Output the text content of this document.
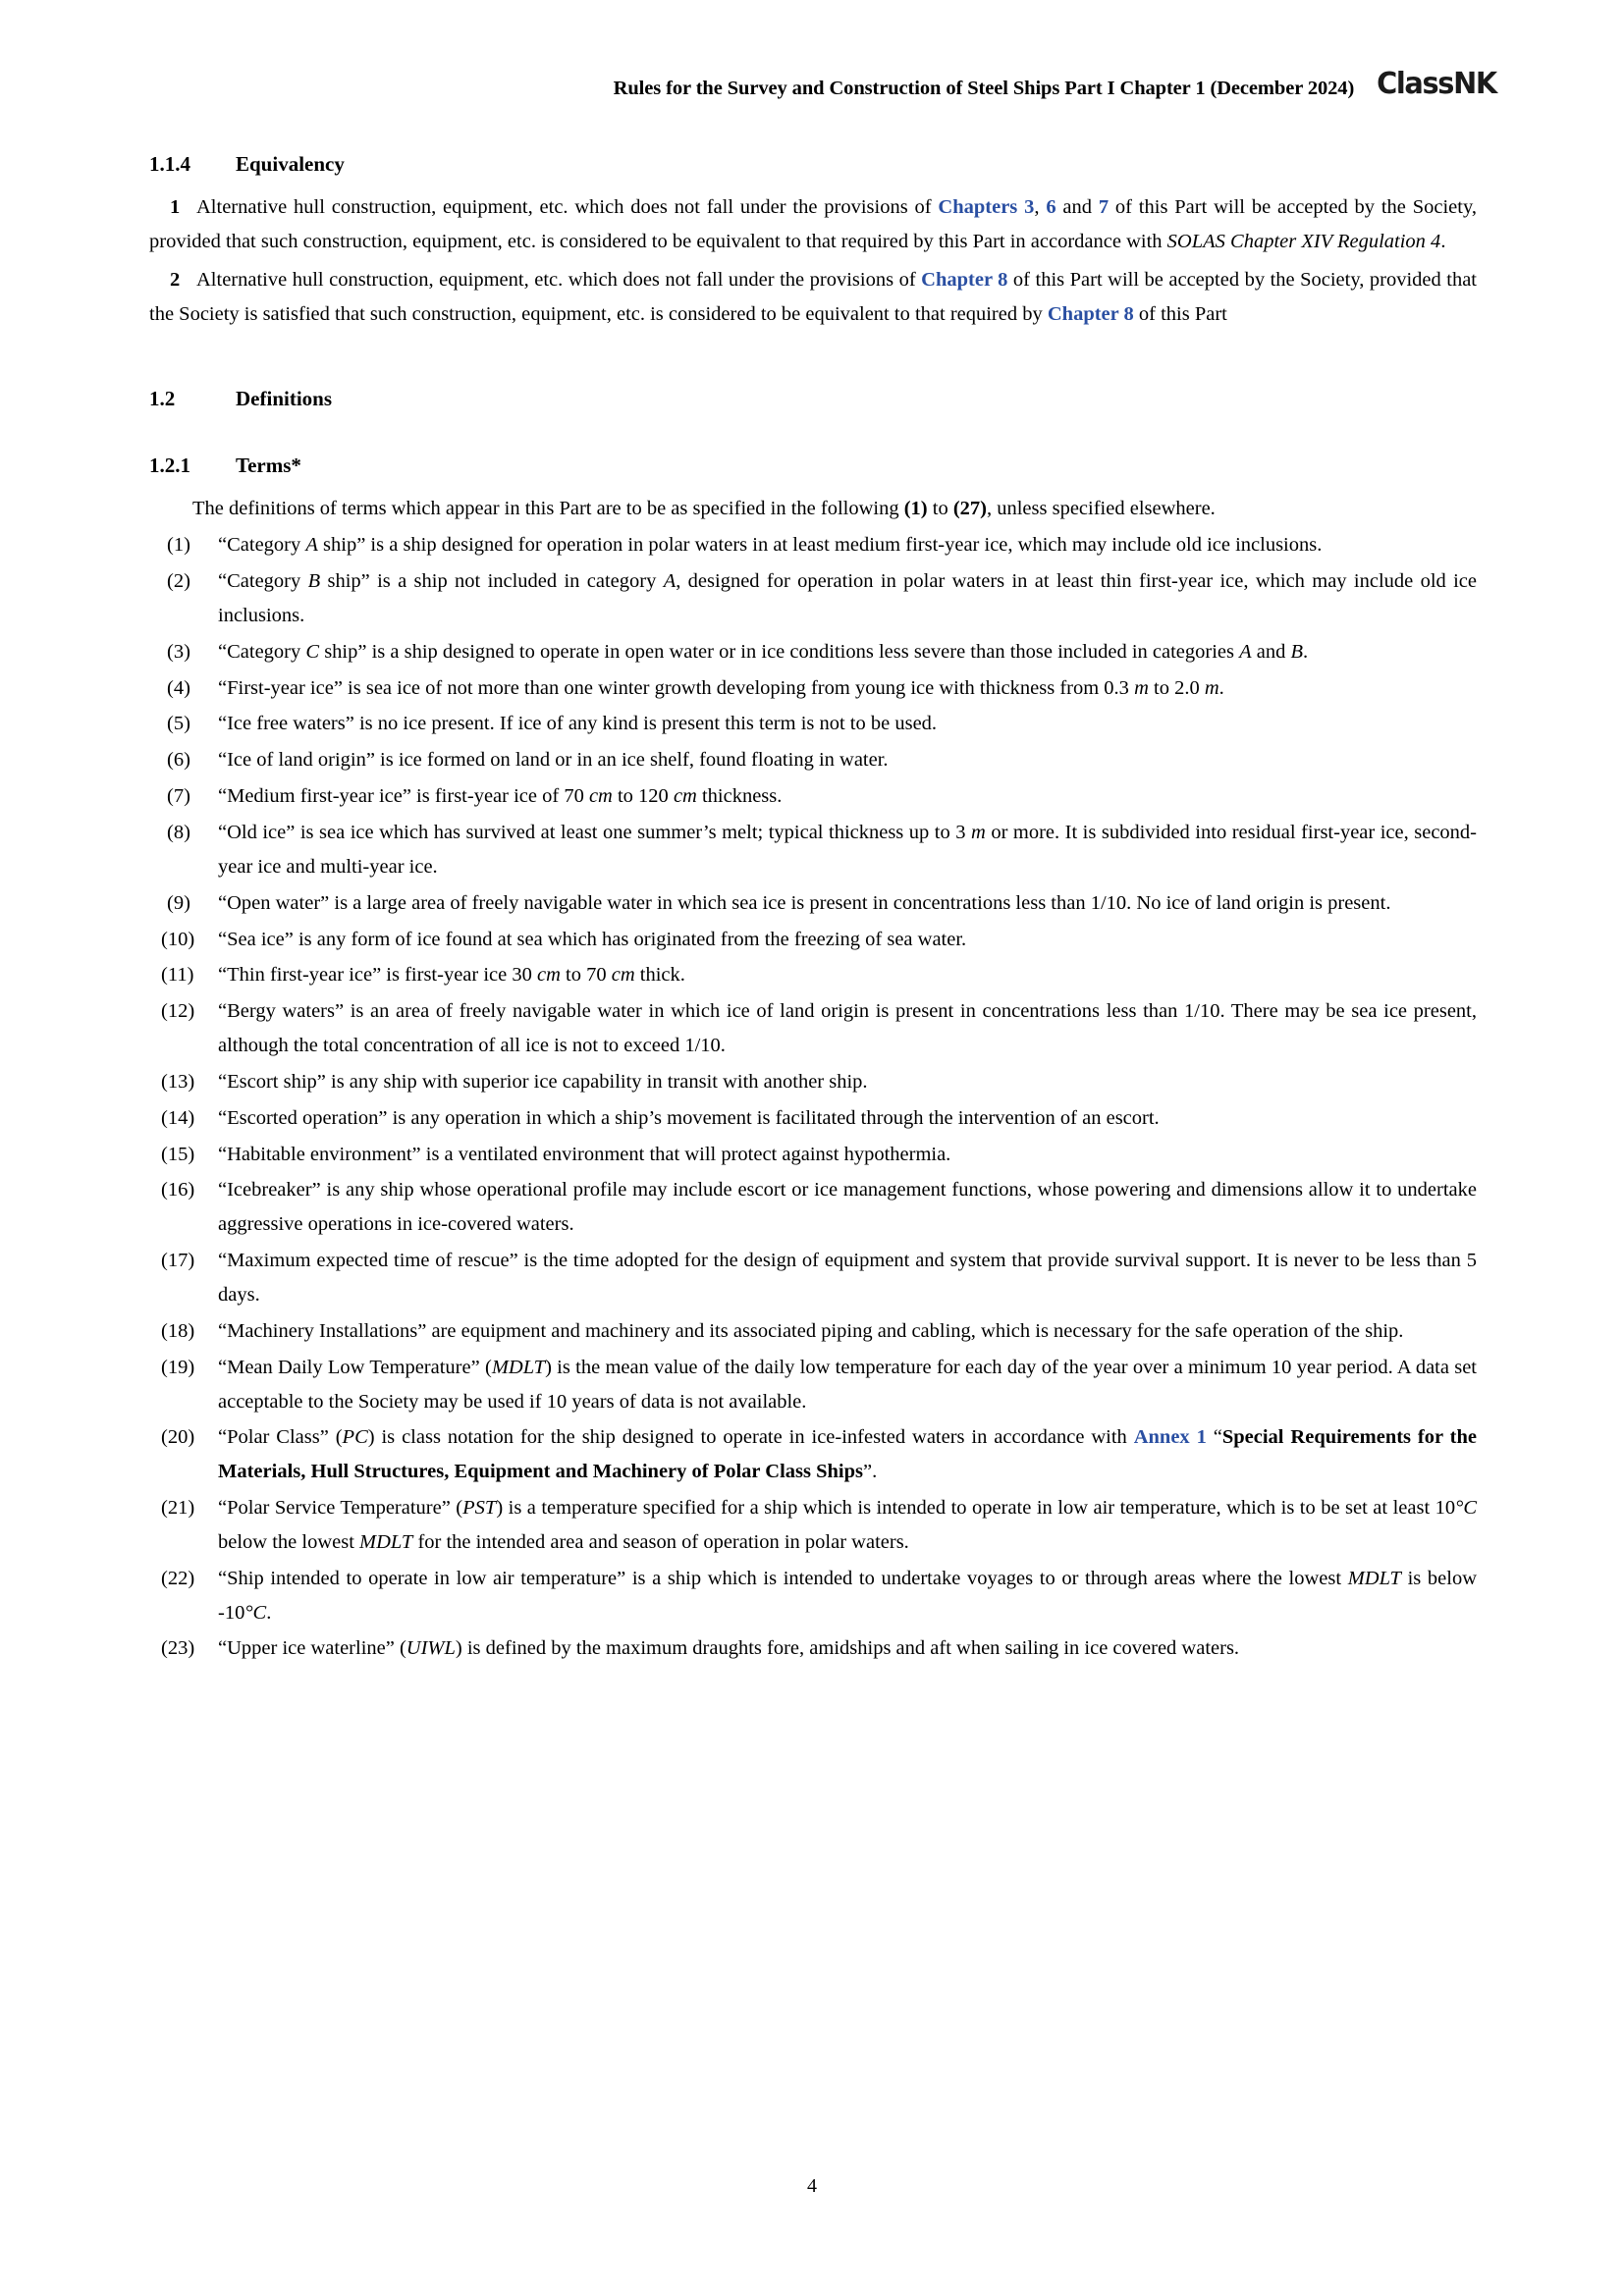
Rules for the Survey and Construction of Steel Ships Part I Chapter 1 (December 2024) ClassNK
1.1.4	Equivalency

1 Alternative hull construction, equipment, etc. which does not fall under the provisions of Chapters 3, 6 and 7 of this Part will be accepted by the Society, provided that such construction, equipment, etc. is considered to be equivalent to that required by this Part in accordance with SOLAS Chapter XIV Regulation 4.

2 Alternative hull construction, equipment, etc. which does not fall under the provisions of Chapter 8 of this Part will be accepted by the Society, provided that the Society is satisfied that such construction, equipment, etc. is considered to be equivalent to that required by Chapter 8 of this Part

1.2	Definitions
1.2.1	Terms*

The definitions of terms which appear in this Part are to be as specified in the following (1) to (27), unless specified elsewhere.

(1)	“Category A ship” is a ship designed for operation in polar waters in at least medium first-year ice, which may include old ice inclusions.
(2)	“Category B ship” is a ship not included in category A, designed for operation in polar waters in at least thin first-year ice, which may include old ice inclusions.
(3)	“Category C ship” is a ship designed to operate in open water or in ice conditions less severe than those included in categories A and B.
(4)	“First-year ice” is sea ice of not more than one winter growth developing from young ice with thickness from 0.3 m to 2.0 m.
(5)	“Ice free waters” is no ice present. If ice of any kind is present this term is not to be used.
(6)	“Ice of land origin” is ice formed on land or in an ice shelf, found floating in water.
(7)	“Medium first-year ice” is first-year ice of 70 cm to 120 cm thickness.
(8)	“Old ice” is sea ice which has survived at least one summer’s melt; typical thickness up to 3 m or more. It is subdivided into residual first-year ice, second-year ice and multi-year ice.
(9)	“Open water” is a large area of freely navigable water in which sea ice is present in concentrations less than 1/10. No ice of land origin is present.
(10)	“Sea ice” is any form of ice found at sea which has originated from the freezing of sea water.
(11)	“Thin first-year ice” is first-year ice 30 cm to 70 cm thick.
(12)	“Bergy waters” is an area of freely navigable water in which ice of land origin is present in concentrations less than 1/10. There may be sea ice present, although the total concentration of all ice is not to exceed 1/10.
(13)	“Escort ship” is any ship with superior ice capability in transit with another ship.
(14)	“Escorted operation” is any operation in which a ship’s movement is facilitated through the intervention of an escort.
(15)	“Habitable environment” is a ventilated environment that will protect against hypothermia.
(16)	“Icebreaker” is any ship whose operational profile may include escort or ice management functions, whose powering and dimensions allow it to undertake aggressive operations in ice-covered waters.
(17)	“Maximum expected time of rescue” is the time adopted for the design of equipment and system that provide survival support. It is never to be less than 5 days.
(18)	“Machinery Installations” are equipment and machinery and its associated piping and cabling, which is necessary for the safe operation of the ship.
(19)	“Mean Daily Low Temperature” (MDLT) is the mean value of the daily low temperature for each day of the year over a minimum 10 year period. A data set acceptable to the Society may be used if 10 years of data is not available.
(20)	“Polar Class” (PC) is class notation for the ship designed to operate in ice-infested waters in accordance with Annex 1 “Special Requirements for the Materials, Hull Structures, Equipment and Machinery of Polar Class Ships”.
(21)	“Polar Service Temperature” (PST) is a temperature specified for a ship which is intended to operate in low air temperature, which is to be set at least 10°C below the lowest MDLT for the intended area and season of operation in polar waters.
(22)	“Ship intended to operate in low air temperature” is a ship which is intended to undertake voyages to or through areas where the lowest MDLT is below -10°C.
(23)	“Upper ice waterline” (UIWL) is defined by the maximum draughts fore, amidships and aft when sailing in ice covered waters.
4
